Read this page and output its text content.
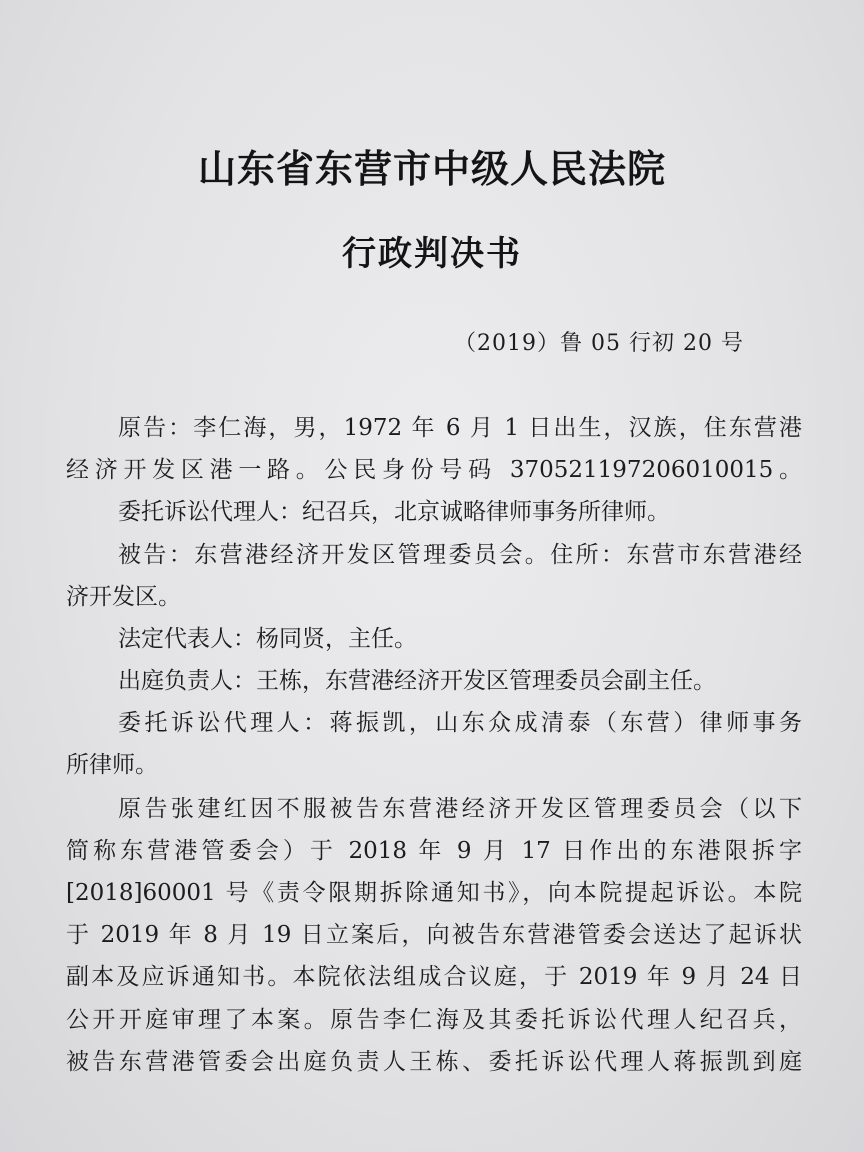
山东省东营市中级人民法院
行政判决书
（2019）鲁 05 行初 20 号
原告：李仁海，男，1972 年 6 月 1 日出生，汉族，住东营港
经济开发区港一路。公民身份号码 370521197206010015。
委托诉讼代理人：纪召兵，北京诚略律师事务所律师。
被告：东营港经济开发区管理委员会。住所：东营市东营港经
济开发区。
法定代表人：杨同贤，主任。
出庭负责人：王栋，东营港经济开发区管理委员会副主任。
委托诉讼代理人：蒋振凯，山东众成清泰（东营）律师事务
所律师。
原告张建红因不服被告东营港经济开发区管理委员会（以下
简称东营港管委会）于 2018 年 9 月 17 日作出的东港限拆字
[2018]60001 号《责令限期拆除通知书》，向本院提起诉讼。本院
于 2019 年 8 月 19 日立案后，向被告东营港管委会送达了起诉状
副本及应诉通知书。本院依法组成合议庭，于 2019 年 9 月 24 日
公开开庭审理了本案。原告李仁海及其委托诉讼代理人纪召兵，
被告东营港管委会出庭负责人王栋、委托诉讼代理人蒋振凯到庭
